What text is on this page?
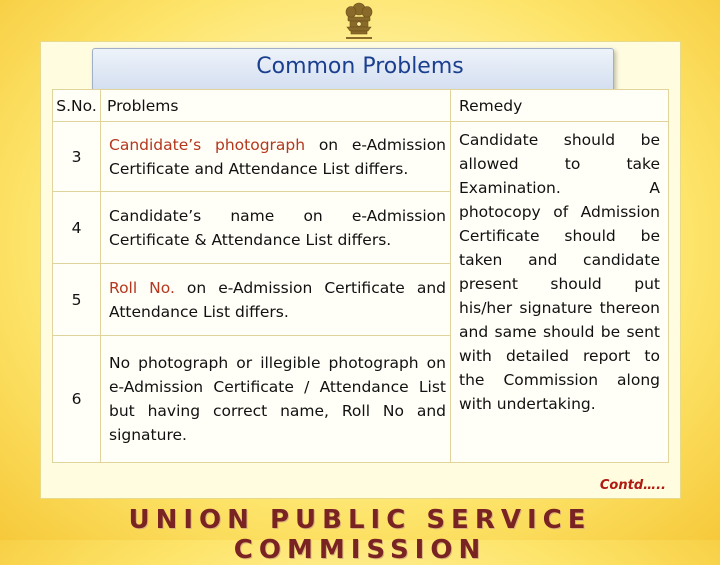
Common Problems
S.No.	Problems	Remedy
3	Candidate’s photograph on e-Admission Certificate and Attendance List differs.	Candidate should be allowed to take Examination. A photocopy of Admission Certificate should be taken and candidate present should put his/her signature thereon and same should be sent with detailed report to the Commission along with undertaking.
4	Candidate’s name on e-Admission Certificate & Attendance List differs.	
5	Roll No. on e-Admission Certificate and Attendance List differs.	
6	No photograph or illegible photograph on e-Admission Certificate / Attendance List but having correct name, Roll No and signature.	
Contd…..
UNION PUBLIC SERVICE COMMISSION
